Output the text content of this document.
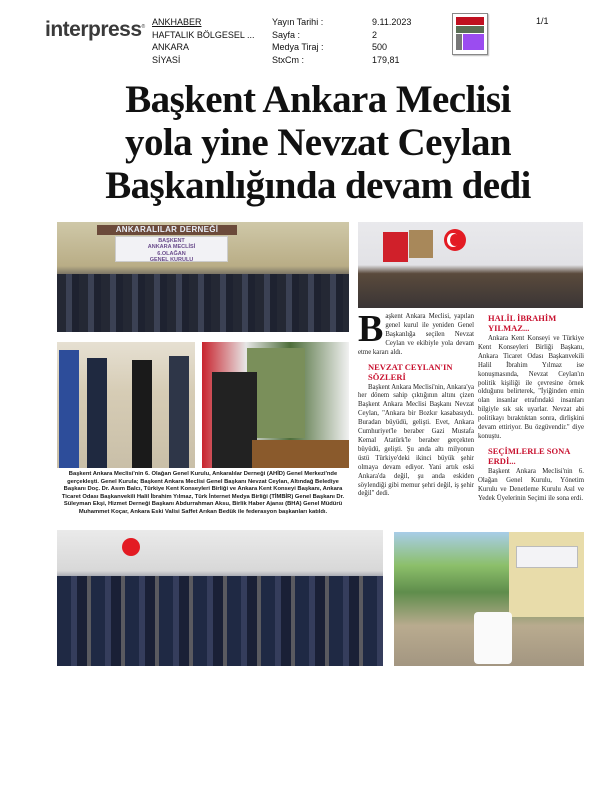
interpress® ANKHABER
HAFTALIK BÖLGESEL ...
ANKARA
SİYASİ
Yayın Tarihi :
Sayfa :
Medya Tiraj :
StxCm :
9.11.2023
2
500
179,81
1/1
Başkent Ankara Meclisi
yola yine Nevzat Ceylan
Başkanlığında devam dedi
ANKARALILAR DERNEĞİ
BAŞKENT
ANKARA MECLİSİ
6.OLAĞAN
GENEL KURULU
Başkent Ankara Meclisi'nin 6. Olağan Genel Kurulu, Ankaralılar Derneği (AHİD) Genel Merkezi'nde gerçekleşti. Genel Kurula; Başkent Ankara Meclisi Genel Başkanı Nevzat Ceylan, Altındağ Belediye Başkanı Doç. Dr. Asım Balcı, Türkiye Kent Konseyleri Birliği ve Ankara Kent Konseyi Başkanı, Ankara Ticaret Odası Başkanvekili Halil İbrahim Yılmaz, Türk İnternet Medya Birliği (TİMBİR) Genel Başkanı Dr. Süleyman Ekşi, Hizmet Derneği Başkanı Abdurrahman Aksu, Birlik Haber Ajansı (BHA) Genel Müdürü Muhammet Koçar, Ankara Eski Valisi Saffet Arıkan Bedük ile federasyon başkanları katıldı.
B aşkent Ankara Meclisi, yapılan genel kurul ile yeniden Genel Başkanlığa seçilen Nevzat Ceylan ve ekibiyle yola devam etme kararı aldı.

NEVZAT CEYLAN'IN SÖZLERİ

Başkent Ankara Meclisi'nin, Ankara'ya her dönem sahip çıktığının altını çizen Başkent Ankara Meclisi Başkanı Nevzat Ceylan, "Ankara bir Bozkır kasabasıydı. Buradan büyüdü, gelişti. Evet, Ankara Cumhuriyet'le beraber Gazi Mustafa Kemal Atatürk'le beraber gerçekten büyüdü, gelişti. Şu anda altı milyonun üstü Türkiye'deki ikinci büyük şehir olmaya devam ediyor. Yani artık eski Ankara'da değil, şu anda eskiden söylendiği gibi memur şehri değil, iş şehir değil" dedi.

HALİL İBRAHİM YILMAZ...

Ankara Kent Konseyi ve Türkiye Kent Konseyleri Birliği Başkanı, Ankara Ticaret Odası Başkanvekili Halil İbrahim Yılmaz ise konuşmasında, Nevzat Ceylan'ın politik kişiliği ile çevresine örnek olduğunu belirterek, "İyiğinden emin olan insanlar etrafındaki insanları bilgiyle sık sık uyarlar. Nevzat abi politikayı bıraktıktan sonra, dirlişkini devam ettiriyor. Bu özgüvendir." diye konuştu.

SEÇİMLERLE SONA ERDİ...

Başkent Ankara Meclisi'nin 6. Olağan Genel Kurulu, Yönetim Kurulu ve Denetleme Kurulu Asıl ve Yedek Üyelerinin Seçimi ile sona erdi.
